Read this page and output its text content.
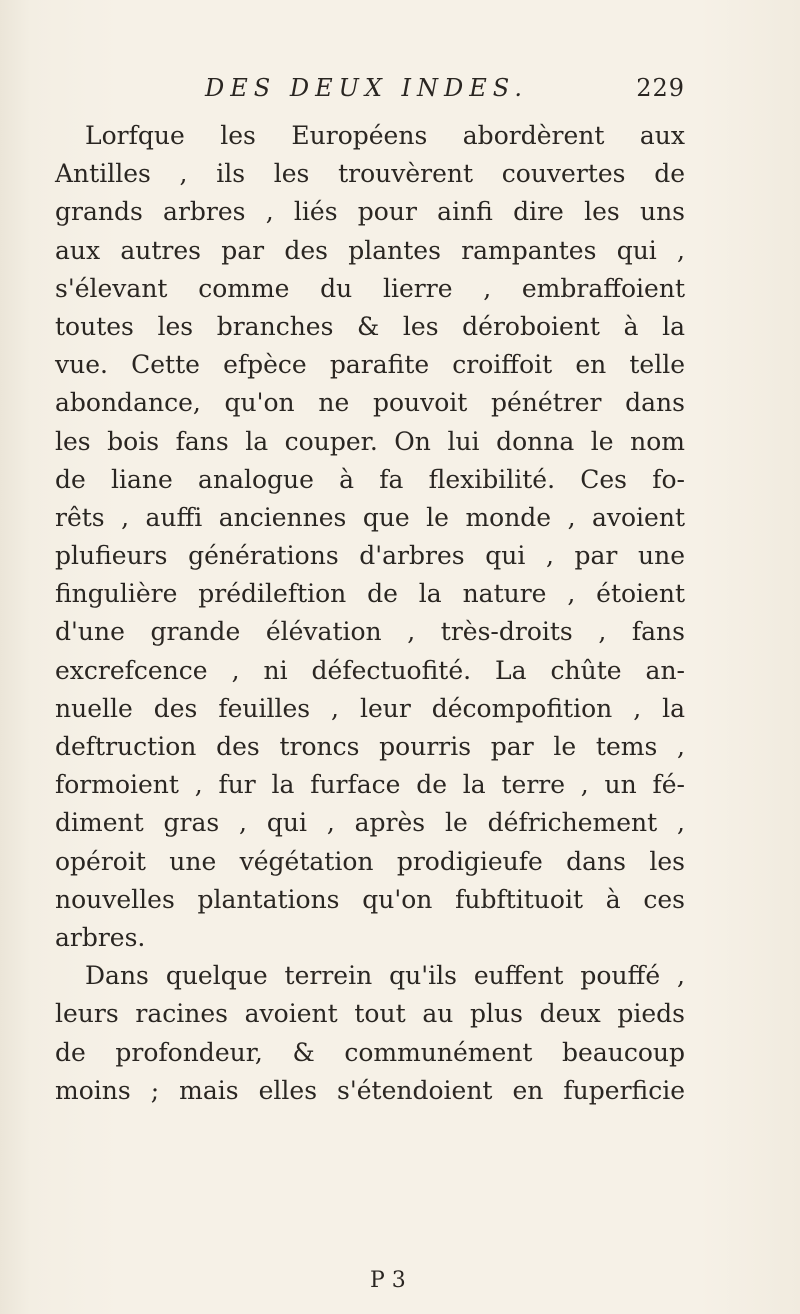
DES DEUX INDES.	229
Lorfque les Européens abordèrent aux
Antilles , ils les trouvèrent couvertes de
grands arbres , liés pour ainfi dire les uns
aux autres par des plantes rampantes qui ,
s'élevant comme du lierre , embraffoient
toutes les branches & les déroboient à la
vue. Cette efpèce parafite croiffoit en telle
abondance, qu'on ne pouvoit pénétrer dans
les bois fans la couper. On lui donna le nom
de liane analogue à fa flexibilité. Ces fo-
rêts , auffi anciennes que le monde , avoient
plufieurs générations d'arbres qui , par une
fingulière prédileftion de la nature , étoient
d'une grande élévation , très-droits , fans
excrefcence , ni défectuofité. La chûte an-
nuelle des feuilles , leur décompofition , la
deftruction des troncs pourris par le tems ,
formoient , fur la furface de la terre , un fé-
diment gras , qui , après le défrichement ,
opéroit une végétation prodigieufe dans les
nouvelles plantations qu'on fubftituoit à ces
arbres.
Dans quelque terrein qu'ils euffent pouffé ,
leurs racines avoient tout au plus deux pieds
de profondeur, & communément beaucoup
moins ; mais elles s'étendoient en fuperficie
P 3
